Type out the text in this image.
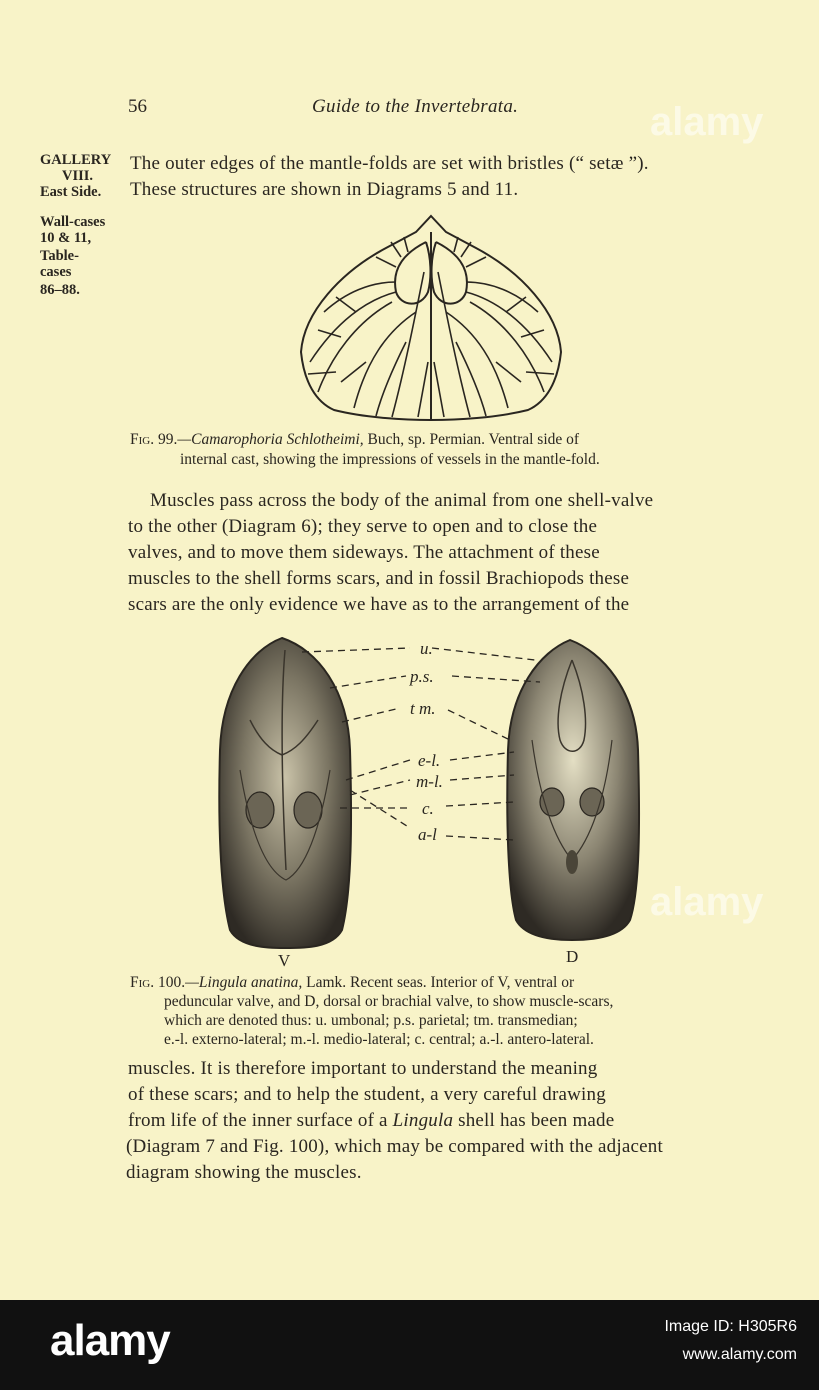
56	Guide to the Invertebrata.
GALLERY
VIII.
East Side.
Wall-cases
10 & 11,
Table-
cases
86–88.
The outer edges of the mantle-folds are set with bristles (“ setæ ”).
These structures are shown in Diagrams 5 and 11.
Fig. 99.—Camarophoria Schlotheimi, Buch, sp. Permian. Ventral side of
internal cast, showing the impressions of vessels in the mantle-fold.
Muscles pass across the body of the animal from one shell-valve
to the other (Diagram 6); they serve to open and to close the
valves, and to move them sideways. The attachment of these
muscles to the shell forms scars, and in fossil Brachiopods these
scars are the only evidence we have as to the arrangement of the
u.
p.s.
t m.
e-l.
m-l.
c.
a-l
V	D
Fig. 100.—Lingula anatina, Lamk. Recent seas. Interior of V, ventral or
peduncular valve, and D, dorsal or brachial valve, to show muscle-scars,
which are denoted thus: u. umbonal; p.s. parietal; tm. transmedian;
e.-l. externo-lateral; m.-l. medio-lateral; c. central; a.-l. antero-lateral.
muscles. It is therefore important to understand the meaning
of these scars; and to help the student, a very careful drawing
from life of the inner surface of a Lingula shell has been made
(Diagram 7 and Fig. 100), which may be compared with the adjacent
diagram showing the muscles.
alamy
alamy
alamy	Image ID: H305R6
www.alamy.com
